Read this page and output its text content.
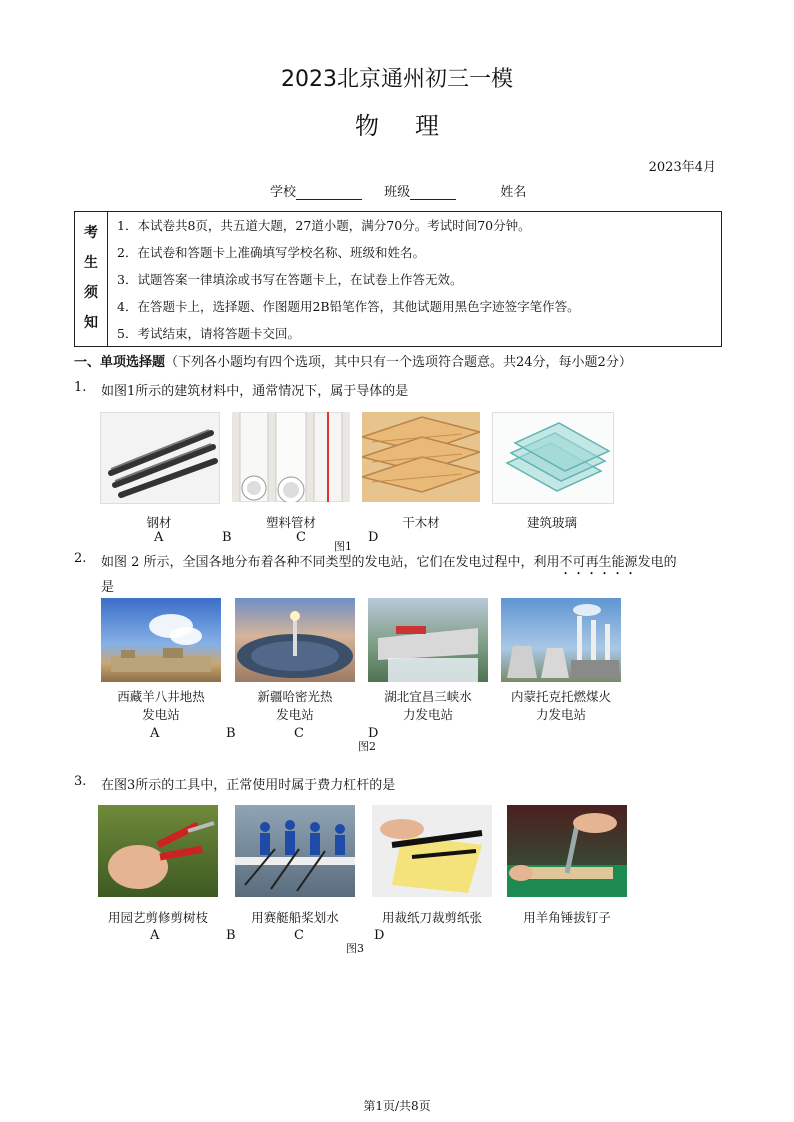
2023北京通州初三一模
物理
2023年4月
学校	班级	姓名
考
生
须
知
1．本试卷共8页，共五道大题，27道小题，满分70分。考试时间70分钟。
2．在试卷和答题卡上准确填写学校名称、班级和姓名。
3．试题答案一律填涂或书写在答题卡上，在试卷上作答无效。
4．在答题卡上，选择题、作图题用2B铅笔作答，其他试题用黑色字迹签字笔作答。
5．考试结束，请将答题卡交回。
一、单项选择题（下列各小题均有四个选项，其中只有一个选项符合题意。共24分，每小题2分）
1. 如图1所示的建筑材料中，通常情况下，属于导体的是
钢材	塑料管材	干木材	建筑玻璃
A	B	C	D
图1
2. 如图 2 所示，全国各地分布着各种不同类型的发电站，它们在发电过程中，利用不可再生能源发电的
是
西藏羊八井地热
发电站
新疆哈密光热
发电站
湖北宜昌三峡水
力发电站
内蒙托克托燃煤火
力发电站
A	B	C	D
图2
3. 在图3所示的工具中，正常使用时属于费力杠杆的是
用园艺剪修剪树枝	用赛艇船桨划水	用裁纸刀裁剪纸张	用羊角锤拔钉子
A	B	C	D
图3
第1页/共8页
